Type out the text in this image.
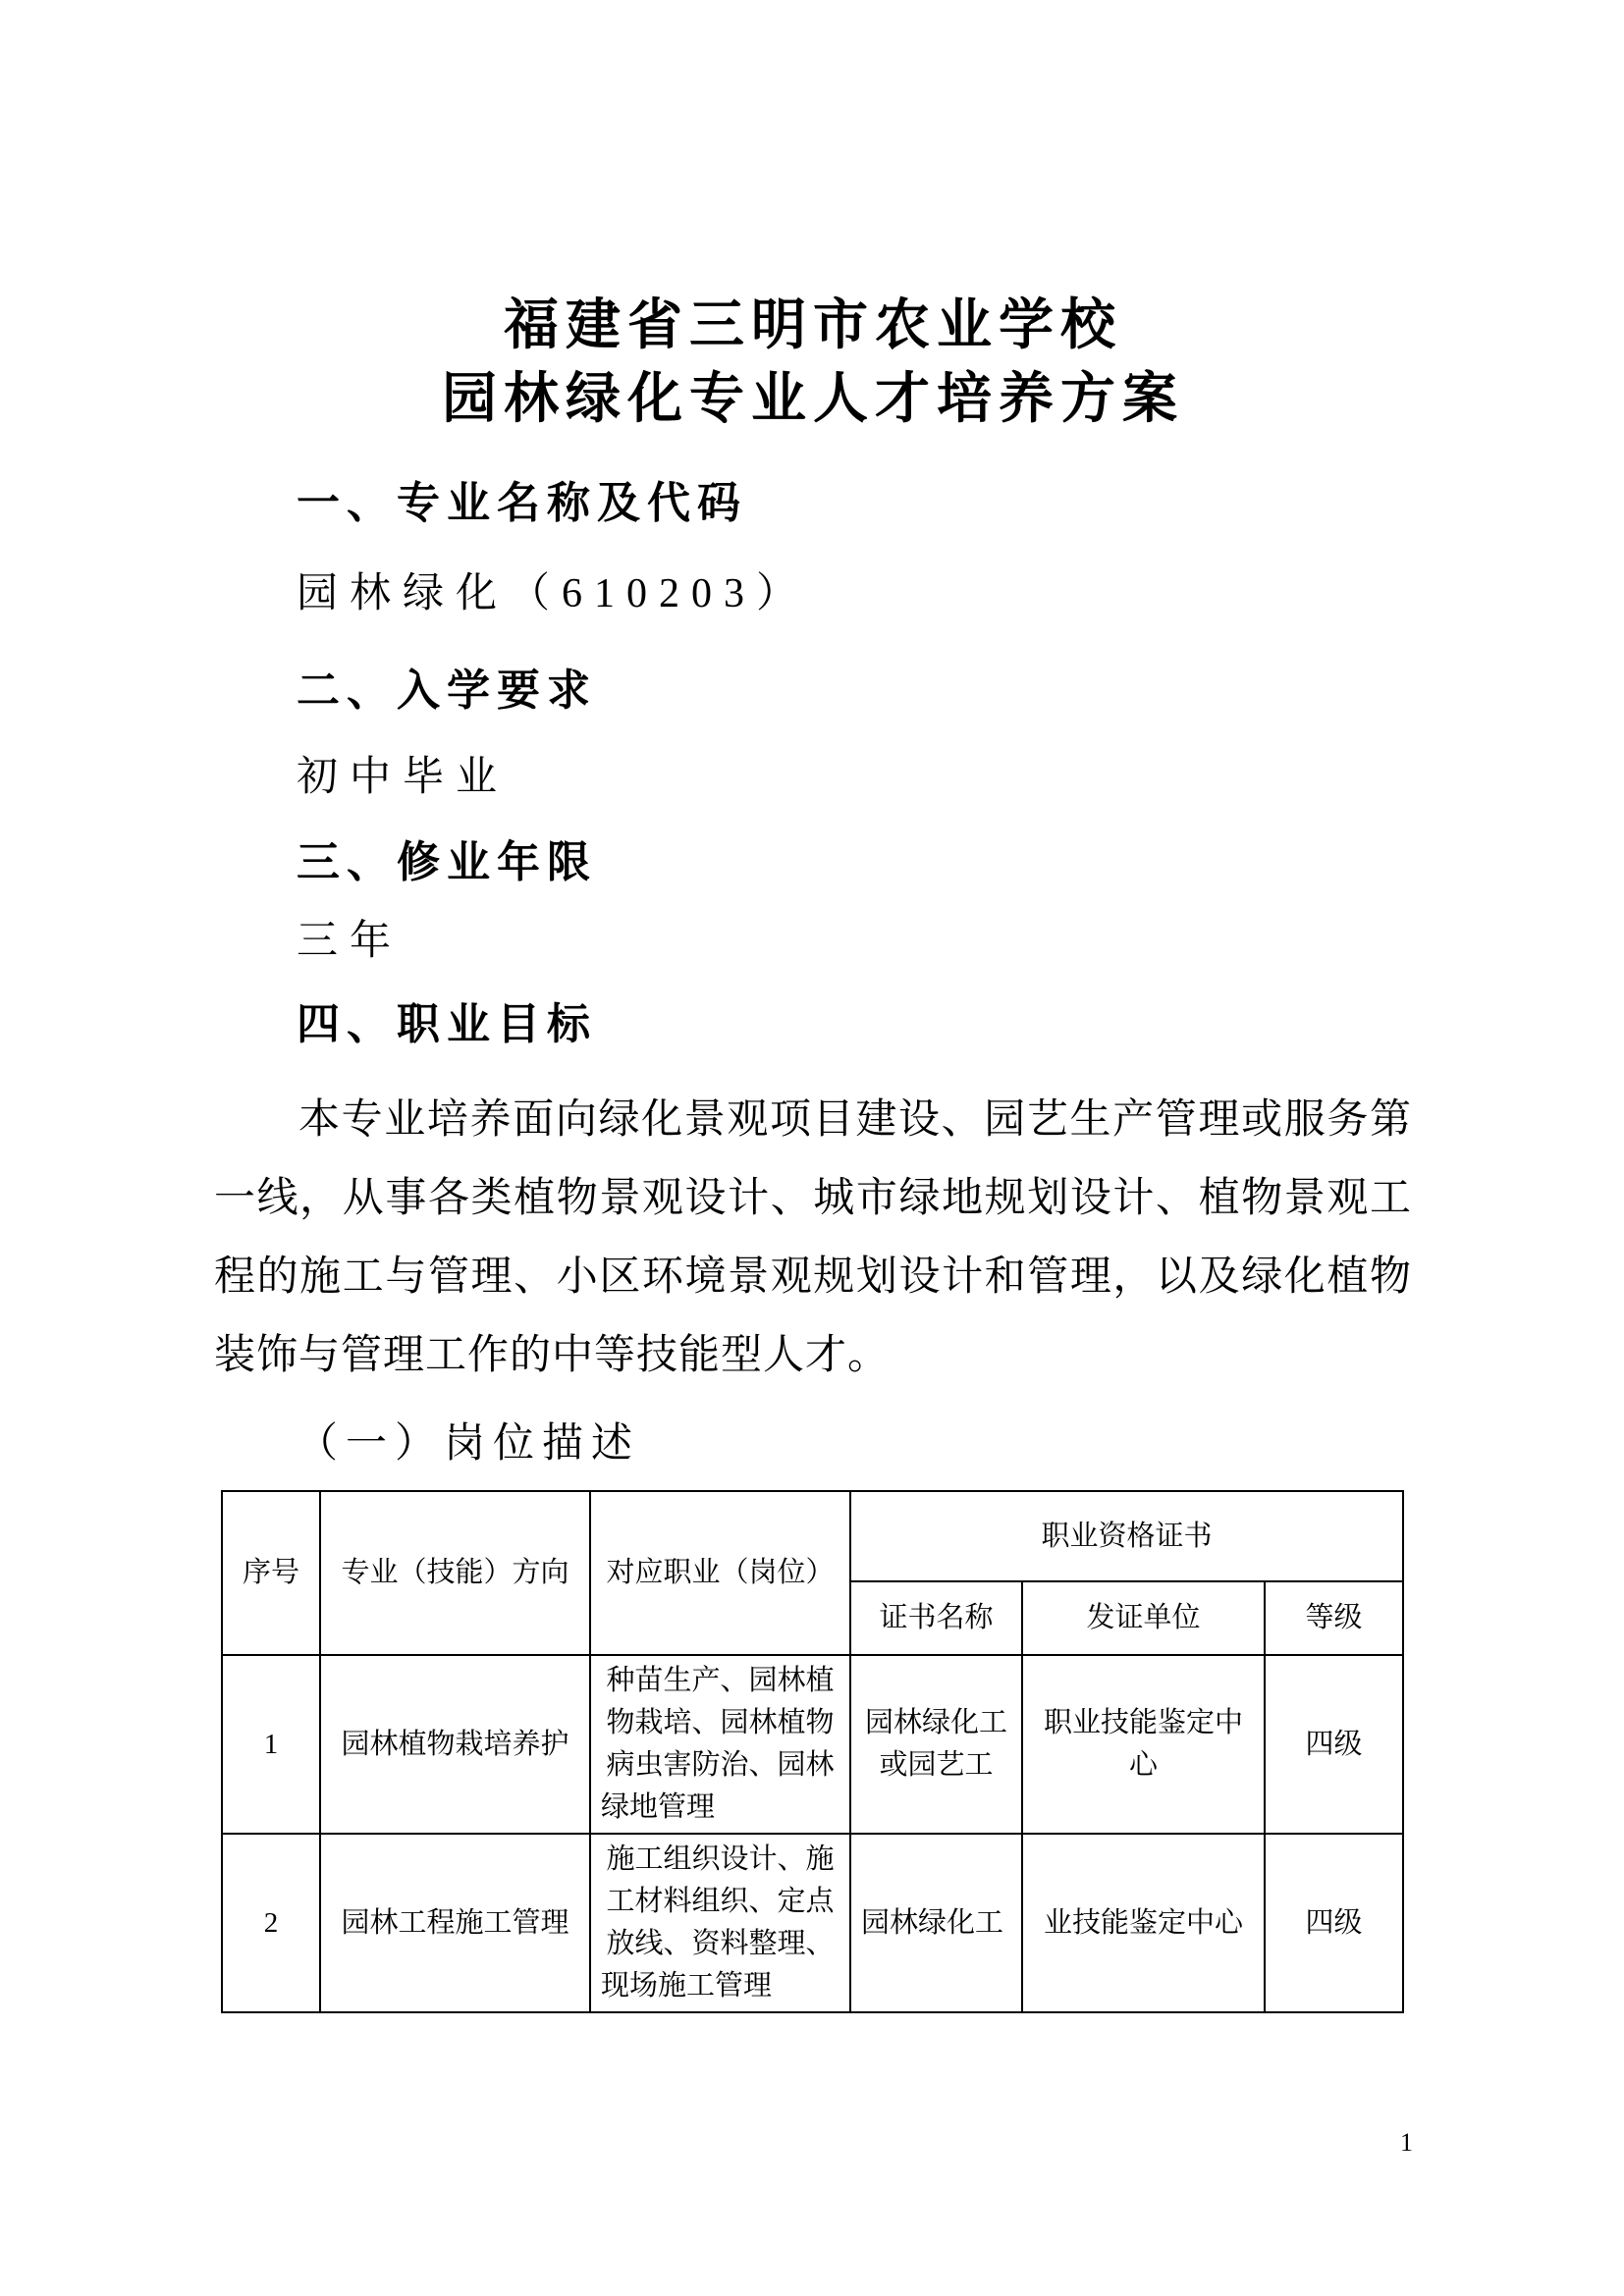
福建省三明市农业学校
园林绿化专业人才培养方案
一、专业名称及代码
园林绿化（610203）
二、入学要求
初中毕业
三、修业年限
三年
四、职业目标
本专业培养面向绿化景观项目建设、园艺生产管理或服务第一线，从事各类植物景观设计、城市绿地规划设计、植物景观工程的施工与管理、小区环境景观规划设计和管理，以及绿化植物装饰与管理工作的中等技能型人才。
（一）岗位描述
序号	专业（技能）方向	对应职业（岗位）	职业资格证书		
			证书名称	发证单位	等级
1	园林植物栽培养护	种苗生产、园林植物栽培、园林植物病虫害防治、园林绿地管理	园林绿化工或园艺工	职业技能鉴定中心	四级
2	园林工程施工管理	施工组织设计、施工材料组织、定点放线、资料整理、现场施工管理	园林绿化工	业技能鉴定中心	四级
1
